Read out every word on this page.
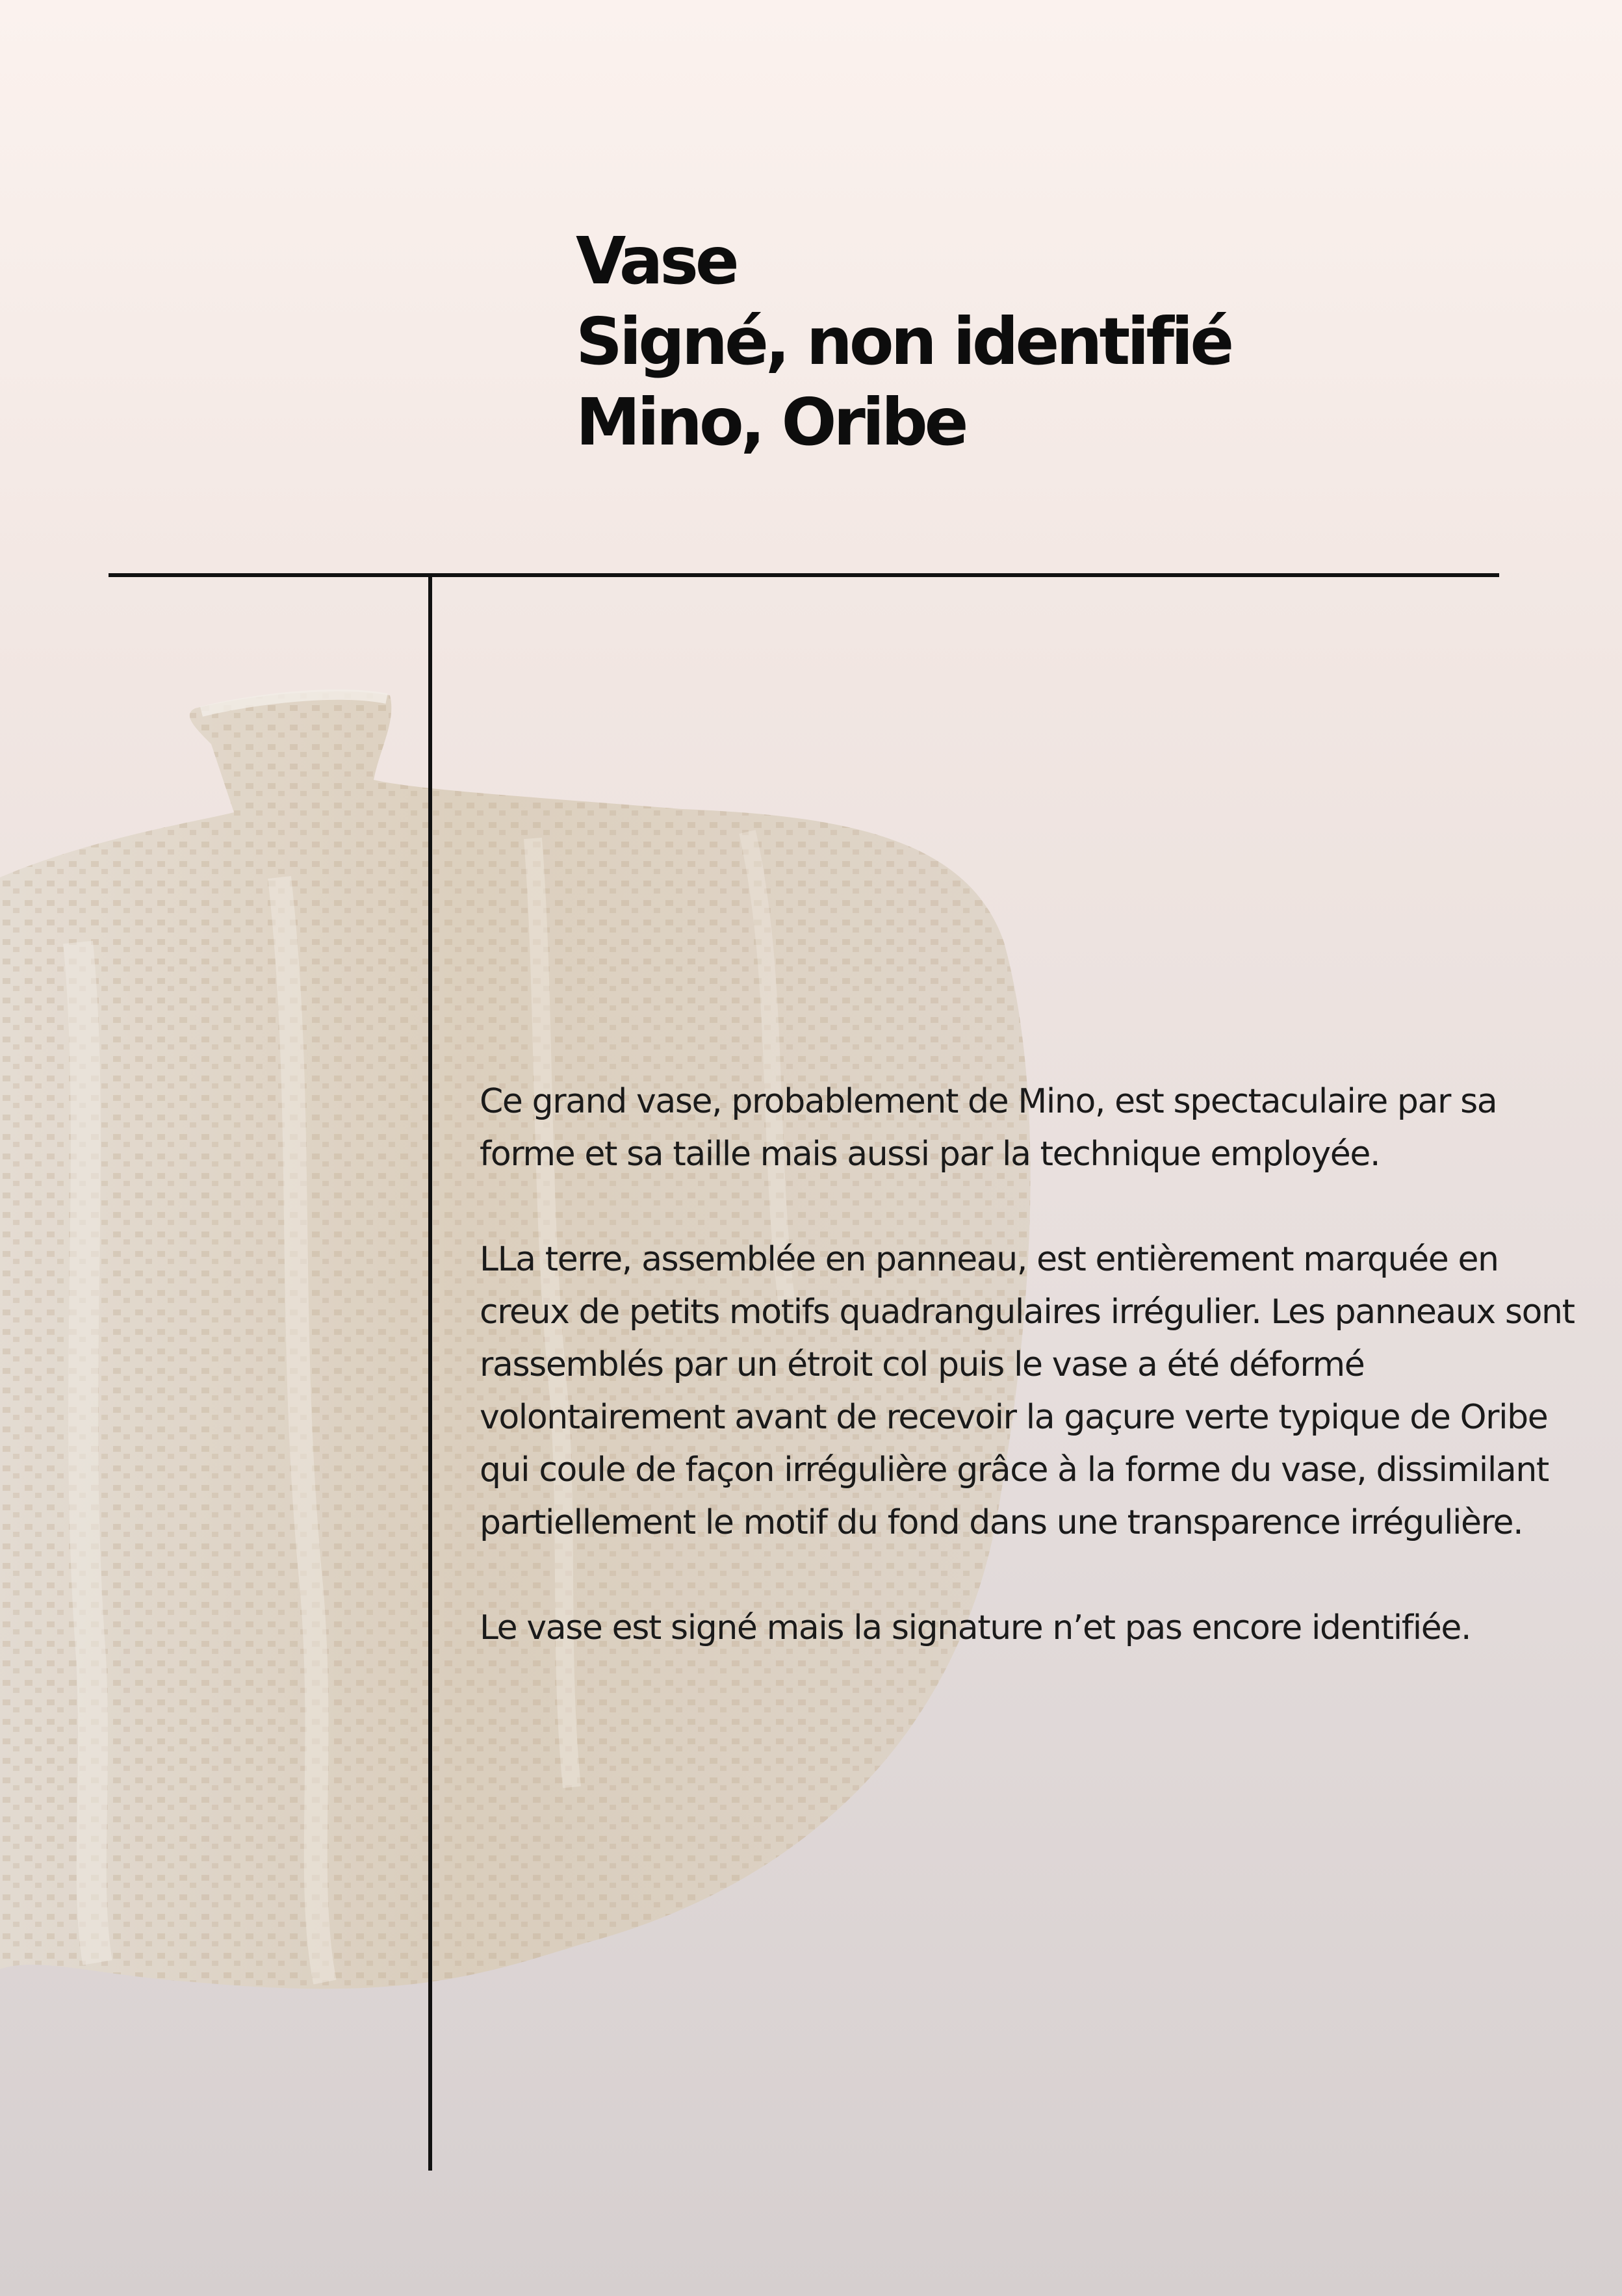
Vase
Signé, non identifié
Mino, Oribe

Ce grand vase, probablement de Mino, est spectaculaire par sa forme et sa taille mais aussi par la technique employée.

LLa terre, assemblée en panneau, est entièrement marquée en creux de petits motifs quadrangulaires irrégulier. Les panneaux sont rassemblés par un étroit col puis le vase a été déformé volontairement avant de recevoir la gaçure verte typique de Oribe qui coule de façon irrégulière grâce à la forme du vase, dissimilant partiellement le motif du fond dans une transparence irrégulière.

Le vase est signé mais la signature n’et pas encore identifiée.
